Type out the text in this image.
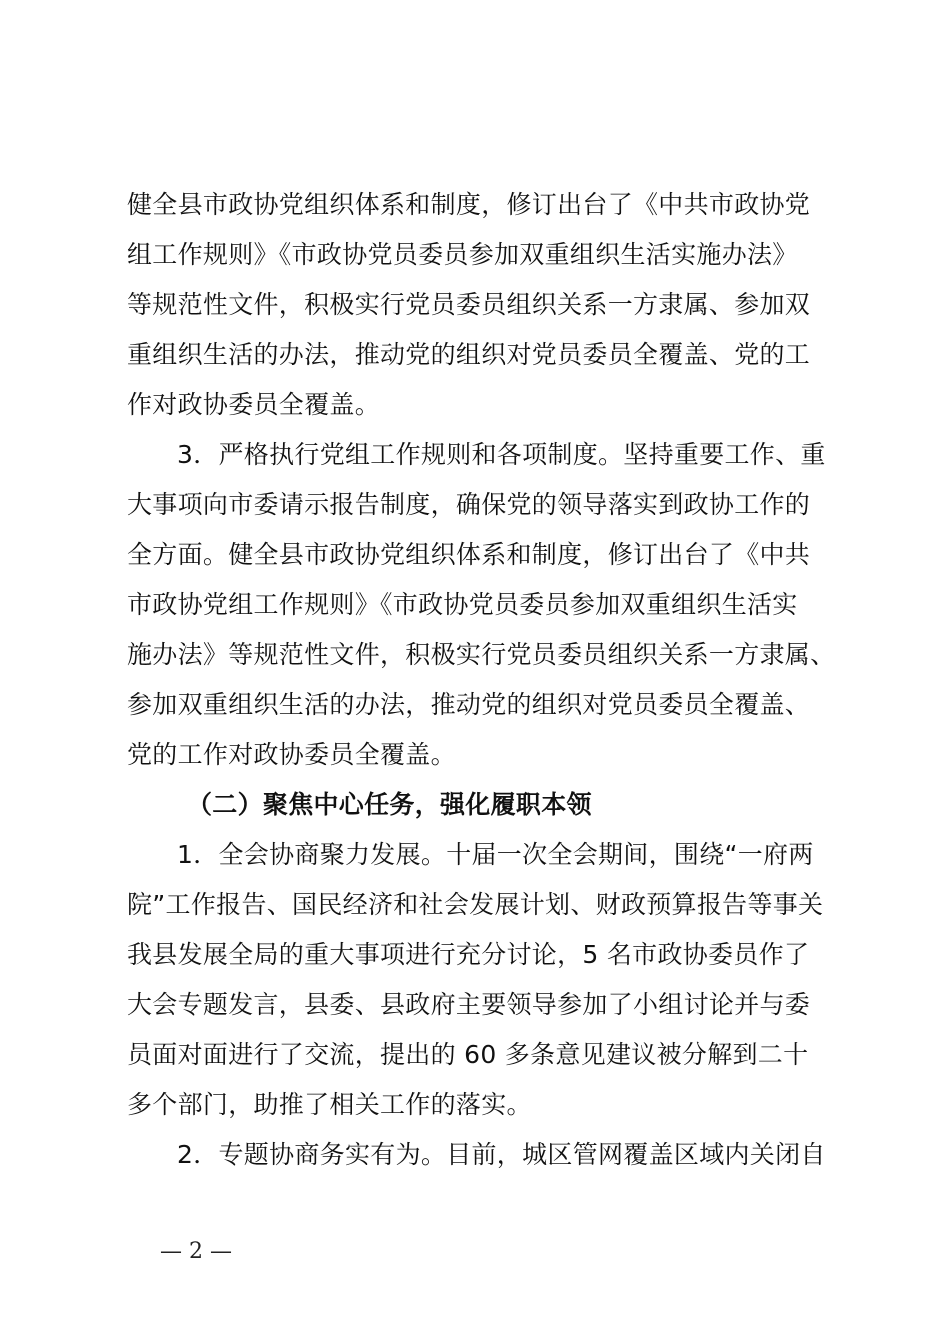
健全县市政协党组织体系和制度，修订出台了《中共市政协党
组工作规则》《市政协党员委员参加双重组织生活实施办法》
等规范性文件，积极实行党员委员组织关系一方隶属、参加双
重组织生活的办法，推动党的组织对党员委员全覆盖、党的工
作对政协委员全覆盖。
3．严格执行党组工作规则和各项制度。坚持重要工作、重
大事项向市委请示报告制度，确保党的领导落实到政协工作的
全方面。健全县市政协党组织体系和制度，修订出台了《中共
市政协党组工作规则》《市政协党员委员参加双重组织生活实
施办法》等规范性文件，积极实行党员委员组织关系一方隶属、
参加双重组织生活的办法，推动党的组织对党员委员全覆盖、
党的工作对政协委员全覆盖。
（二）聚焦中心任务，强化履职本领
1．全会协商聚力发展。十届一次全会期间，围绕“一府两
院”工作报告、国民经济和社会发展计划、财政预算报告等事关
我县发展全局的重大事项进行充分讨论，5 名市政协委员作了
大会专题发言，县委、县政府主要领导参加了小组讨论并与委
员面对面进行了交流，提出的 60 多条意见建议被分解到二十
多个部门，助推了相关工作的落实。
2．专题协商务实有为。目前，城区管网覆盖区域内关闭自
— 2 —
